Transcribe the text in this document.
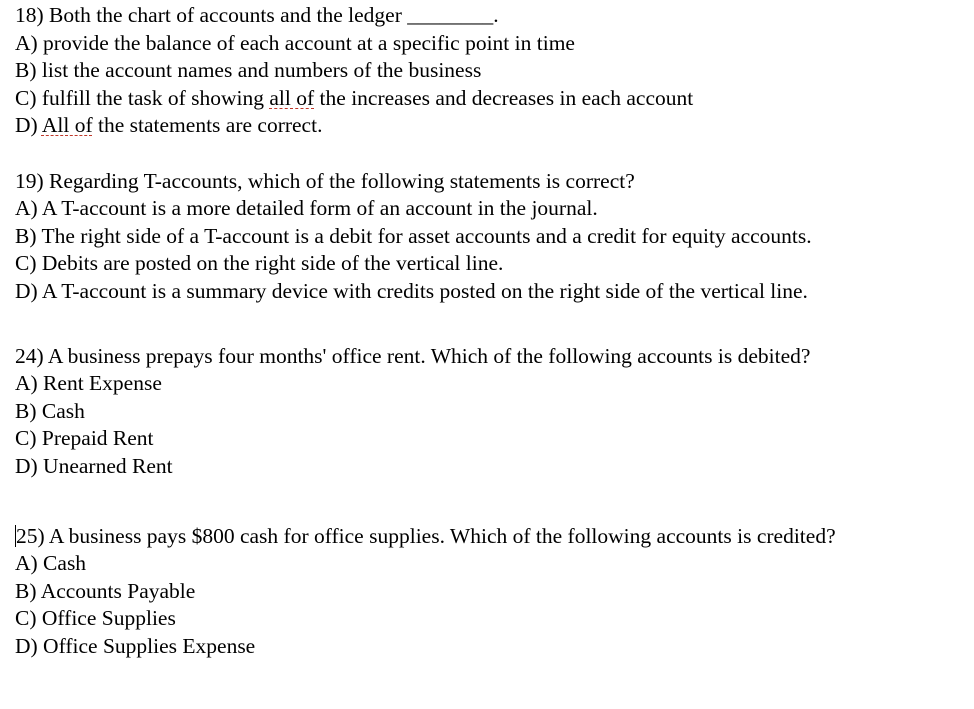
18) Both the chart of accounts and the ledger ________.
A) provide the balance of each account at a specific point in time
B) list the account names and numbers of the business
C) fulfill the task of showing all of the increases and decreases in each account
D) All of the statements are correct.
19) Regarding T-accounts, which of the following statements is correct?
A) A T-account is a more detailed form of an account in the journal.
B) The right side of a T-account is a debit for asset accounts and a credit for equity accounts.
C) Debits are posted on the right side of the vertical line.
D) A T-account is a summary device with credits posted on the right side of the vertical line.
24) A business prepays four months' office rent. Which of the following accounts is debited?
A) Rent Expense
B) Cash
C) Prepaid Rent
D) Unearned Rent
25) A business pays $800 cash for office supplies. Which of the following accounts is credited?
A) Cash
B) Accounts Payable
C) Office Supplies
D) Office Supplies Expense
